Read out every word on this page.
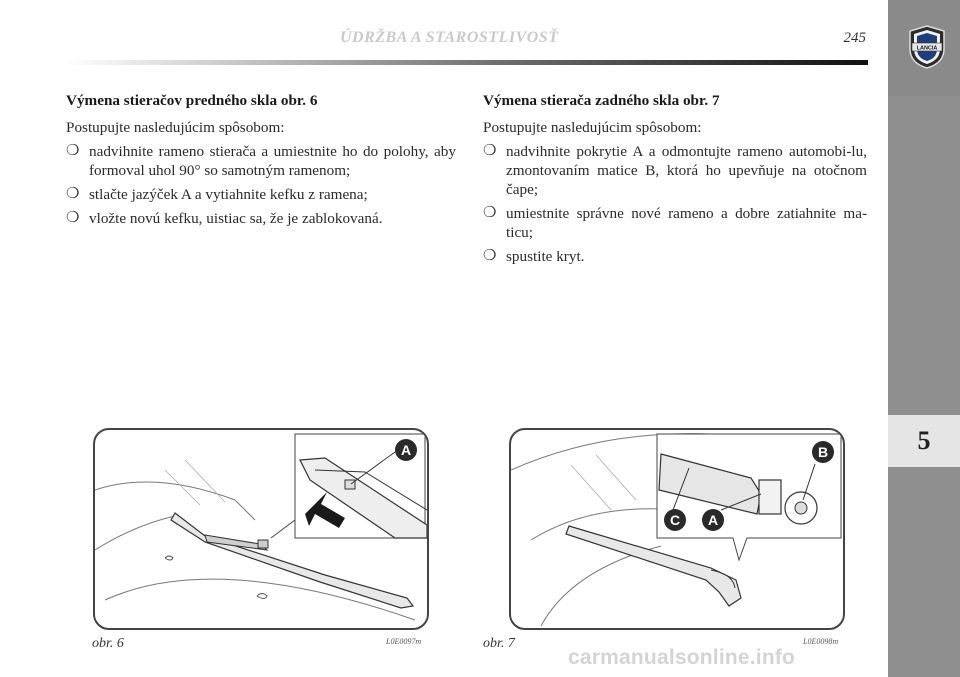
ÚDRŽBA A STAROSTLIVOSŤ	245
5
LANCIA
Výmena stieračov predného skla obr. 6
Postupujte nasledujúcim spôsobom:
❍ nadvihnite rameno stierača a umiestnite ho do polohy, aby formoval uhol 90° so samotným ramenom;
❍ stlačte jazýček A a vytiahnite kefku z ramena;
❍ vložte novú kefku, uistiac sa, že je zablokovaná.
Výmena stierača zadného skla obr. 7
Postupujte nasledujúcim spôsobom:
❍ nadvihnite pokrytie A a odmontujte rameno automobi-lu, zmontovaním matice B, ktorá ho upevňuje na otočnom čape;
❍ umiestnite správne nové rameno a dobre zatiahnite ma-ticu;
❍ spustite kryt.
A
obr. 6	L0E0097m
B
C A
obr. 7	L0E0098m
carmanualsonline.info
